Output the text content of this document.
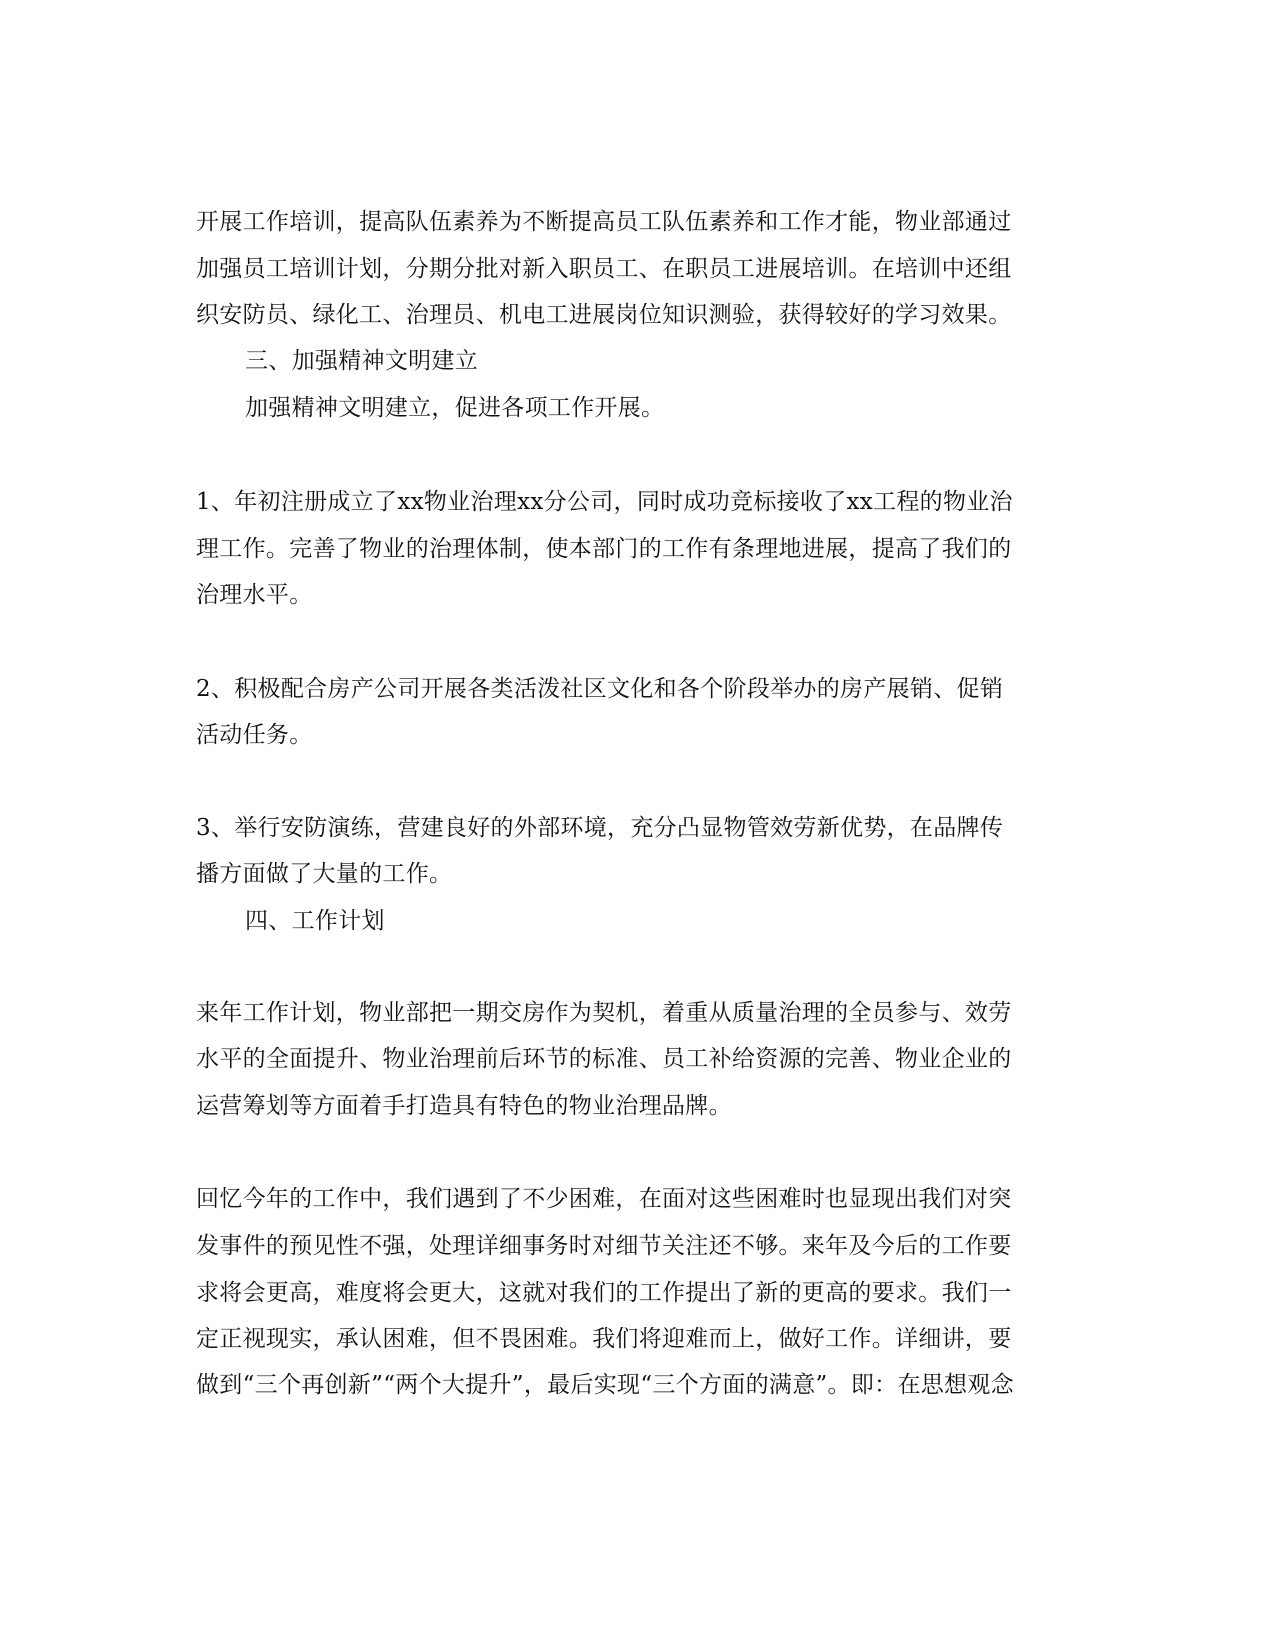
开展工作培训，提高队伍素养为不断提高员工队伍素养和工作才能，物业部通过
加强员工培训计划，分期分批对新入职员工、在职员工进展培训。在培训中还组
织安防员、绿化工、治理员、机电工进展岗位知识测验，获得较好的学习效果。
三、加强精神文明建立
加强精神文明建立，促进各项工作开展。
1、年初注册成立了xx物业治理xx分公司，同时成功竞标接收了xx工程的物业治
理工作。完善了物业的治理体制，使本部门的工作有条理地进展，提高了我们的
治理水平。
2、积极配合房产公司开展各类活泼社区文化和各个阶段举办的房产展销、促销
活动任务。
3、举行安防演练，营建良好的外部环境，充分凸显物管效劳新优势，在品牌传
播方面做了大量的工作。
四、工作计划
来年工作计划，物业部把一期交房作为契机，着重从质量治理的全员参与、效劳
水平的全面提升、物业治理前后环节的标准、员工补给资源的完善、物业企业的
运营筹划等方面着手打造具有特色的物业治理品牌。
回忆今年的工作中，我们遇到了不少困难，在面对这些困难时也显现出我们对突
发事件的预见性不强，处理详细事务时对细节关注还不够。来年及今后的工作要
求将会更高，难度将会更大，这就对我们的工作提出了新的更高的要求。我们一
定正视现实，承认困难，但不畏困难。我们将迎难而上，做好工作。详细讲，要
做到“三个再创新”“两个大提升”，最后实现“三个方面的满意”。即：在思想观念
